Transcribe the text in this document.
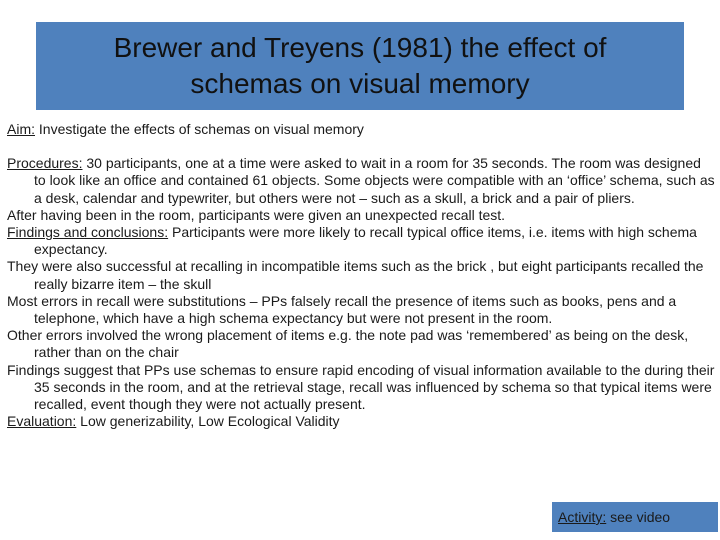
Brewer and Treyens (1981) the effect of
schemas on visual memory

Aim: Investigate the effects of schemas on visual memory

Procedures: 30 participants, one at a time were asked to wait in a room for 35 seconds. The room was designed to look like an office and contained 61 objects. Some objects were compatible with an ‘office’ schema, such as a desk, calendar and typewriter, but others were not – such as a skull, a brick and a pair of pliers.

After having been in the room, participants were given an unexpected recall test.

Findings and conclusions: Participants were more likely to recall typical office items, i.e. items with high schema expectancy.

They were also successful at recalling in incompatible items such as the brick , but eight participants recalled the really bizarre item – the skull

Most errors in recall were substitutions – PPs falsely recall the presence of items such as books, pens and a telephone, which have a high schema expectancy but were not present in the room.

Other errors involved the wrong placement of items e.g. the note pad was ‘remembered’ as being on the desk, rather than on the chair

Findings suggest that PPs use schemas to ensure rapid encoding of visual information available to the during their 35 seconds in the room, and at the retrieval stage, recall was influenced by schema so that typical items were recalled, event though they were not actually present.

Evaluation: Low generizability, Low Ecological Validity

Activity: see video
